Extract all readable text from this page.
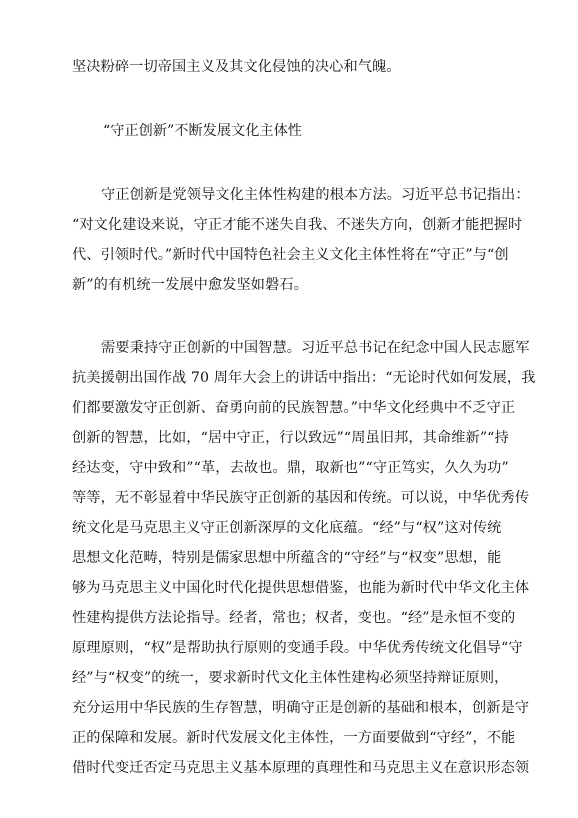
坚决粉碎一切帝国主义及其文化侵蚀的决心和气魄。
“守正创新”不断发展文化主体性
守正创新是党领导文化主体性构建的根本方法。习近平总书记指出：
“对文化建设来说，守正才能不迷失自我、不迷失方向，创新才能把握时
代、引领时代。”新时代中国特色社会主义文化主体性将在“守正”与“创
新”的有机统一发展中愈发坚如磐石。
需要秉持守正创新的中国智慧。习近平总书记在纪念中国人民志愿军
抗美援朝出国作战 70 周年大会上的讲话中指出：“无论时代如何发展，我
们都要激发守正创新、奋勇向前的民族智慧。”中华文化经典中不乏守正
创新的智慧，比如，“居中守正，行以致远”“周虽旧邦，其命维新”“持
经达变，守中致和”“革，去故也。鼎，取新也”“守正笃实，久久为功”
等等，无不彰显着中华民族守正创新的基因和传统。可以说，中华优秀传
统文化是马克思主义守正创新深厚的文化底蕴。“经”与“权”这对传统
思想文化范畴，特别是儒家思想中所蕴含的“守经”与“权变”思想，能
够为马克思主义中国化时代化提供思想借鉴，也能为新时代中华文化主体
性建构提供方法论指导。经者，常也；权者，变也。“经”是永恒不变的
原理原则，“权”是帮助执行原则的变通手段。中华优秀传统文化倡导“守
经”与“权变”的统一，要求新时代文化主体性建构必须坚持辩证原则，
充分运用中华民族的生存智慧，明确守正是创新的基础和根本，创新是守
正的保障和发展。新时代发展文化主体性，一方面要做到“守经”，不能
借时代变迁否定马克思主义基本原理的真理性和马克思主义在意识形态领
